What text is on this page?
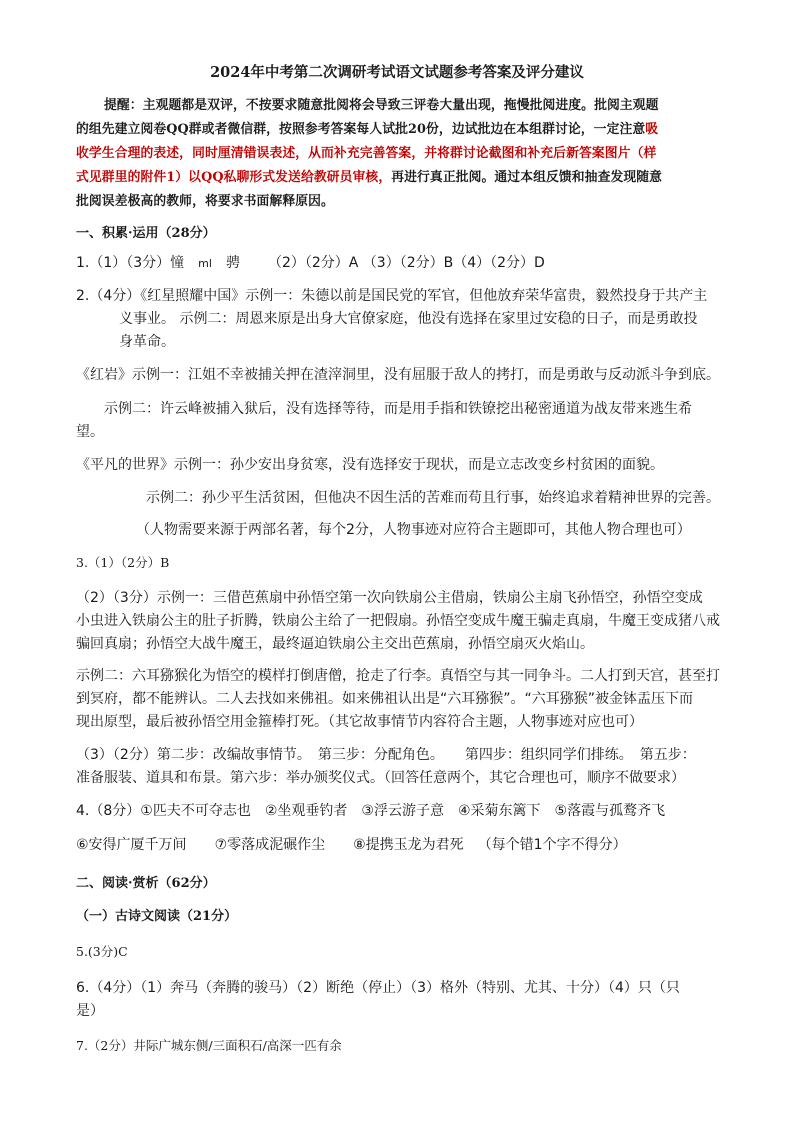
2024年中考第二次调研考试语文试题参考答案及评分建议
提醒：主观题都是双评，不按要求随意批阅将会导致三评卷大量出现，拖慢批阅进度。批阅主观题
的组先建立阅卷QQ群或者微信群，按照参考答案每人试批20份，边试批边在本组群讨论，一定注意吸
收学生合理的表述，同时厘清错误表述，从而补充完善答案，并将群讨论截图和补充后新答案图片（样
式见群里的附件1）以QQ私聊形式发送给教研员审核，再进行真正批阅。通过本组反馈和抽查发现随意
批阅误差极高的教师，将要求书面解释原因。
一、积累·运用（28分）
1.（1）（3分）憧 ml 骋 （2）（2分）A （3）（2分）B（4）（2分）D
2.（4分）《红星照耀中国》示例一：朱德以前是国民党的军官，但他放弃荣华富贵，毅然投身于共产主
义事业。 示例二：周恩来原是出身大官僚家庭，他没有选择在家里过安稳的日子，而是勇敢投
身革命。
《红岩》示例一：江姐不幸被捕关押在渣滓洞里，没有屈服于敌人的拷打，而是勇敢与反动派斗争到底。
示例二：许云峰被捕入狱后，没有选择等待，而是用手指和铁镣挖出秘密通道为战友带来逃生希
望。
《平凡的世界》示例一：孙少安出身贫寒，没有选择安于现状，而是立志改变乡村贫困的面貌。
示例二：孙少平生活贫困，但他决不因生活的苦难而苟且行事，始终追求着精神世界的完善。
（人物需要来源于两部名著，每个2分，人物事迹对应符合主题即可，其他人物合理也可）
3.（1）（2分）B
（2）（3分）示例一：三借芭蕉扇中孙悟空第一次向铁扇公主借扇，铁扇公主扇飞孙悟空，孙悟空变成
小虫进入铁扇公主的肚子折腾，铁扇公主给了一把假扇。孙悟空变成牛魔王骗走真扇，牛魔王变成猪八戒
骗回真扇；孙悟空大战牛魔王，最终逼迫铁扇公主交出芭蕉扇，孙悟空扇灭火焰山。
示例二：六耳猕猴化为悟空的模样打倒唐僧，抢走了行李。真悟空与其一同争斗。二人打到天宫，甚至打
到冥府，都不能辨认。二人去找如来佛祖。如来佛祖认出是“六耳猕猴”。“六耳猕猴”被金钵盂压下而
现出原型，最后被孙悟空用金箍棒打死。（其它故事情节内容符合主题，人物事迹对应也可）
（3）（2分）第二步：改编故事情节。　第三步：分配角色。　　第四步：组织同学们排练。　第五步：
准备服装、道具和布景。第六步：举办颁奖仪式。（回答任意两个，其它合理也可，顺序不做要求）
4.（8分）①匹夫不可夺志也 ②坐观垂钓者 ③浮云游子意 ④采菊东篱下 ⑤落霞与孤鹜齐飞
⑥安得广厦千万间 ⑦零落成泥碾作尘 ⑧提携玉龙为君死 （每个错1个字不得分）
二、阅读·赏析（62分）
（一）古诗文阅读（21分）
5.(3分)C
6.（4分）（1）奔马（奔腾的骏马）（2）断绝（停止）（3）格外（特别、尤其、十分）（4）只（只
是）
7.（2分）井际广城东侧/三面积石/高深一匹有余
